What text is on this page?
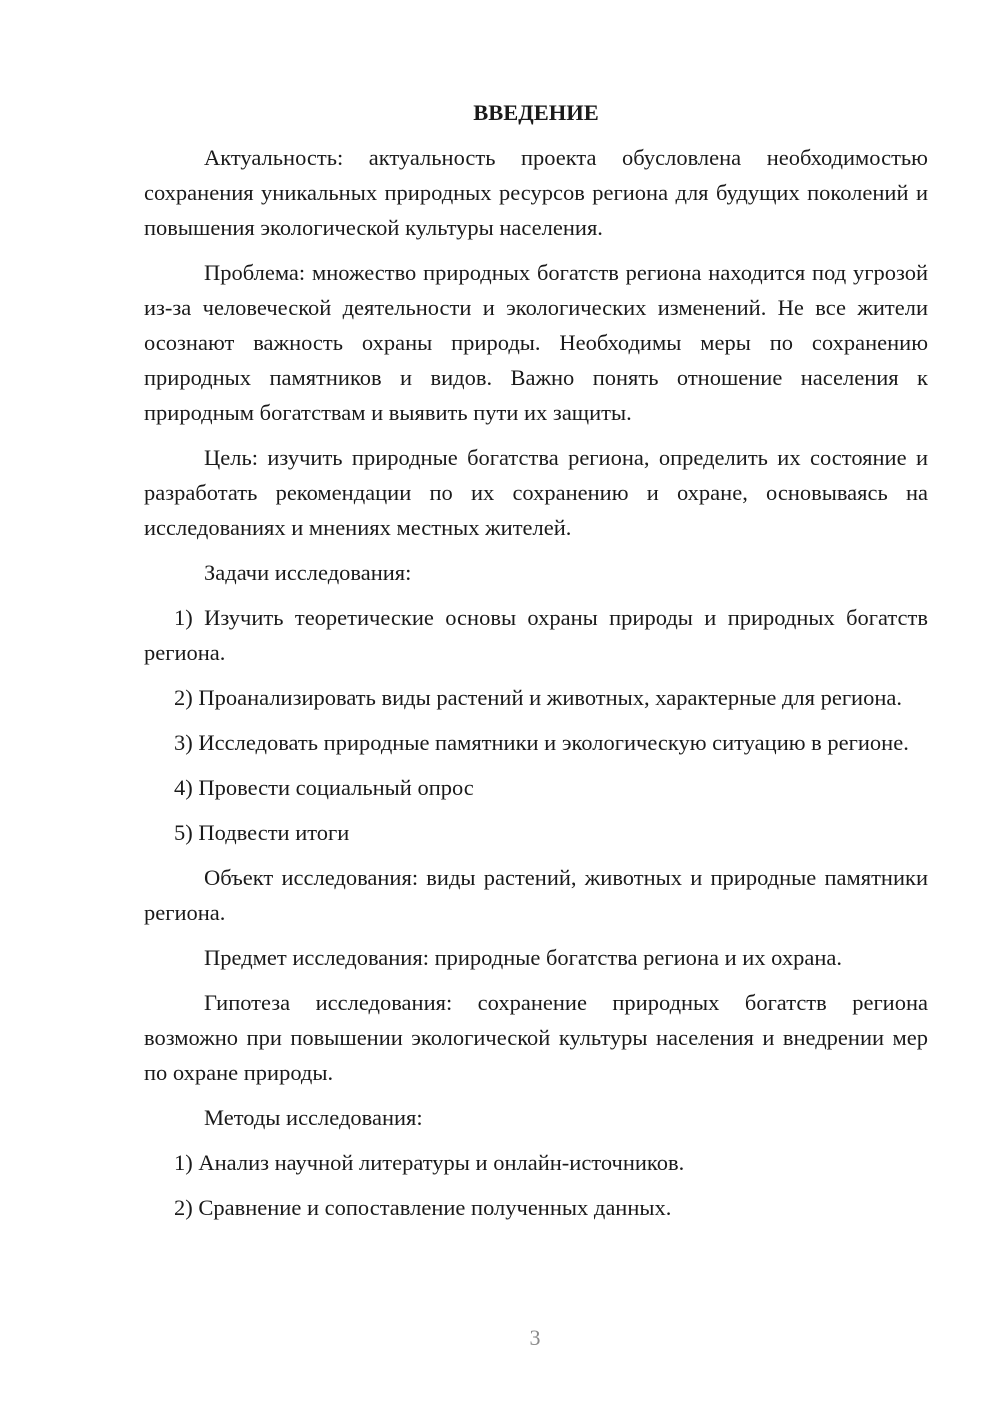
ВВЕДЕНИЕ
Актуальность: актуальность проекта обусловлена необходимостью сохранения уникальных природных ресурсов региона для будущих поколений и повышения экологической культуры населения.
Проблема: множество природных богатств региона находится под угрозой из-за человеческой деятельности и экологических изменений. Не все жители осознают важность охраны природы. Необходимы меры по сохранению природных памятников и видов. Важно понять отношение населения к природным богатствам и выявить пути их защиты.
Цель: изучить природные богатства региона, определить их состояние и разработать рекомендации по их сохранению и охране, основываясь на исследованиях и мнениях местных жителей.
Задачи исследования:
1) Изучить теоретические основы охраны природы и природных богатств региона.
2) Проанализировать виды растений и животных, характерные для региона.
3) Исследовать природные памятники и экологическую ситуацию в регионе.
4) Провести социальный опрос
5) Подвести итоги
Объект исследования: виды растений, животных и природные памятники региона.
Предмет исследования: природные богатства региона и их охрана.
Гипотеза исследования: сохранение природных богатств региона возможно при повышении экологической культуры населения и внедрении мер по охране природы.
Методы исследования:
1) Анализ научной литературы и онлайн-источников.
2) Сравнение и сопоставление полученных данных.
3
